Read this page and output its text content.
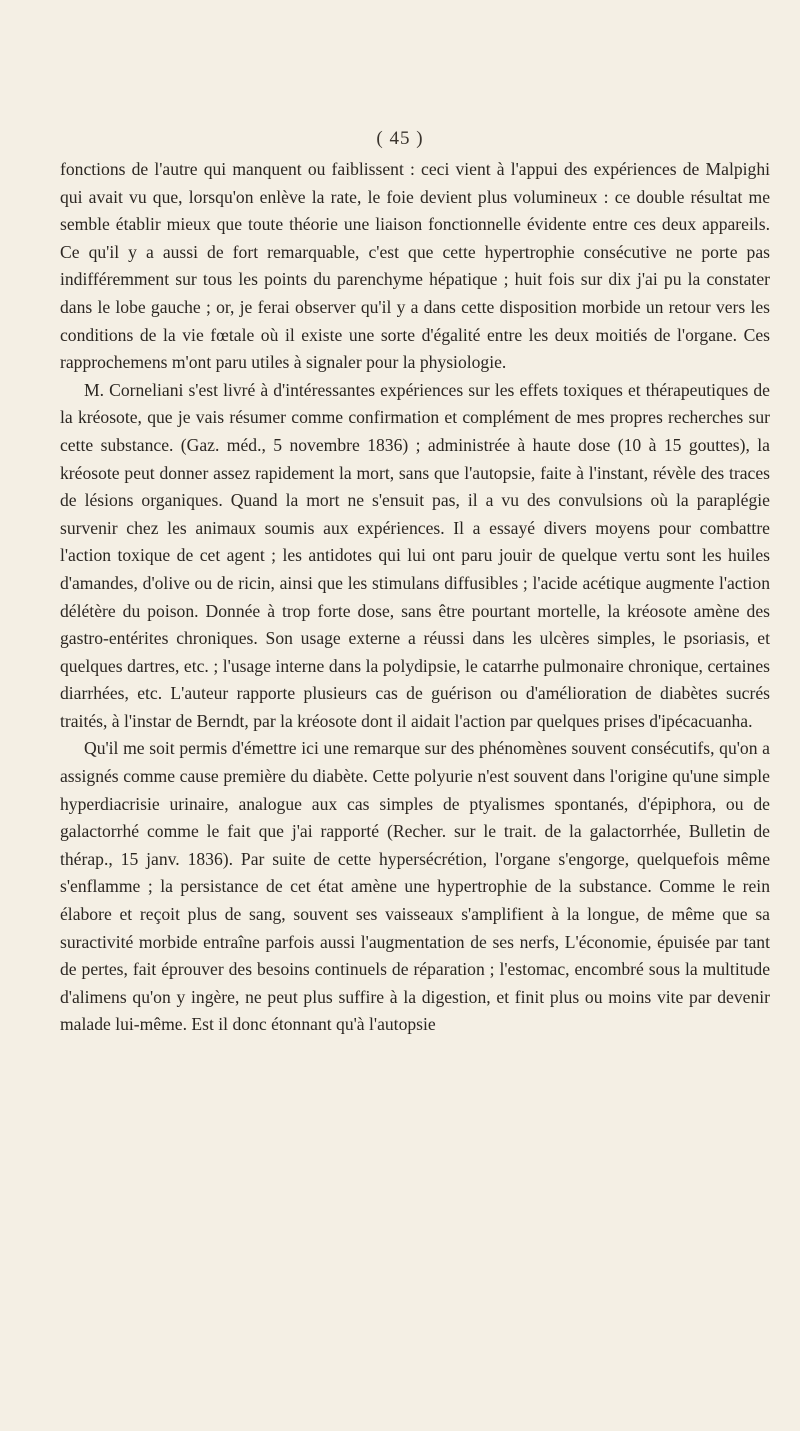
( 45 )

fonctions de l'autre qui manquent ou faiblissent : ceci vient à l'appui des expériences de Malpighi qui avait vu que, lorsqu'on enlève la rate, le foie devient plus volumineux : ce double résultat me semble établir mieux que toute théorie une liaison fonctionnelle évidente entre ces deux appareils. Ce qu'il y a aussi de fort remarquable, c'est que cette hypertrophie consécutive ne porte pas indifféremment sur tous les points du parenchyme hépatique ; huit fois sur dix j'ai pu la constater dans le lobe gauche ; or, je ferai observer qu'il y a dans cette disposition morbide un retour vers les conditions de la vie fœtale où il existe une sorte d'égalité entre les deux moitiés de l'organe. Ces rapprochemens m'ont paru utiles à signaler pour la physiologie.

M. Corneliani s'est livré à d'intéressantes expériences sur les effets toxiques et thérapeutiques de la kréosote, que je vais résumer comme confirmation et complément de mes propres recherches sur cette substance. (Gaz. méd., 5 novembre 1836) ; administrée à haute dose (10 à 15 gouttes), la kréosote peut donner assez rapidement la mort, sans que l'autopsie, faite à l'instant, révèle des traces de lésions organiques. Quand la mort ne s'ensuit pas, il a vu des convulsions où la paraplégie survenir chez les animaux soumis aux expériences. Il a essayé divers moyens pour combattre l'action toxique de cet agent ; les antidotes qui lui ont paru jouir de quelque vertu sont les huiles d'amandes, d'olive ou de ricin, ainsi que les stimulans diffusibles ; l'acide acétique augmente l'action délétère du poison. Donnée à trop forte dose, sans être pourtant mortelle, la kréosote amène des gastro-entérites chroniques. Son usage externe a réussi dans les ulcères simples, le psoriasis, et quelques dartres, etc. ; l'usage interne dans la polydipsie, le catarrhe pulmonaire chronique, certaines diarrhées, etc. L'auteur rapporte plusieurs cas de guérison ou d'amélioration de diabètes sucrés traités, à l'instar de Berndt, par la kréosote dont il aidait l'action par quelques prises d'ipécacuanha.

Qu'il me soit permis d'émettre ici une remarque sur des phénomènes souvent consécutifs, qu'on a assignés comme cause première du diabète. Cette polyurie n'est souvent dans l'origine qu'une simple hyperdiacrisie urinaire, analogue aux cas simples de ptyalismes spontanés, d'épiphora, ou de galactorrhé comme le fait que j'ai rapporté (Recher. sur le trait. de la galactorrhée, Bulletin de thérap., 15 janv. 1836). Par suite de cette hypersécrétion, l'organe s'engorge, quelquefois même s'enflamme ; la persistance de cet état amène une hypertrophie de la substance. Comme le rein élabore et reçoit plus de sang, souvent ses vaisseaux s'amplifient à la longue, de même que sa suractivité morbide entraîne parfois aussi l'augmentation de ses nerfs, L'économie, épuisée par tant de pertes, fait éprouver des besoins continuels de réparation ; l'estomac, encombré sous la multitude d'alimens qu'on y ingère, ne peut plus suffire à la digestion, et finit plus ou moins vite par devenir malade lui-même. Est il donc étonnant qu'à l'autopsie
